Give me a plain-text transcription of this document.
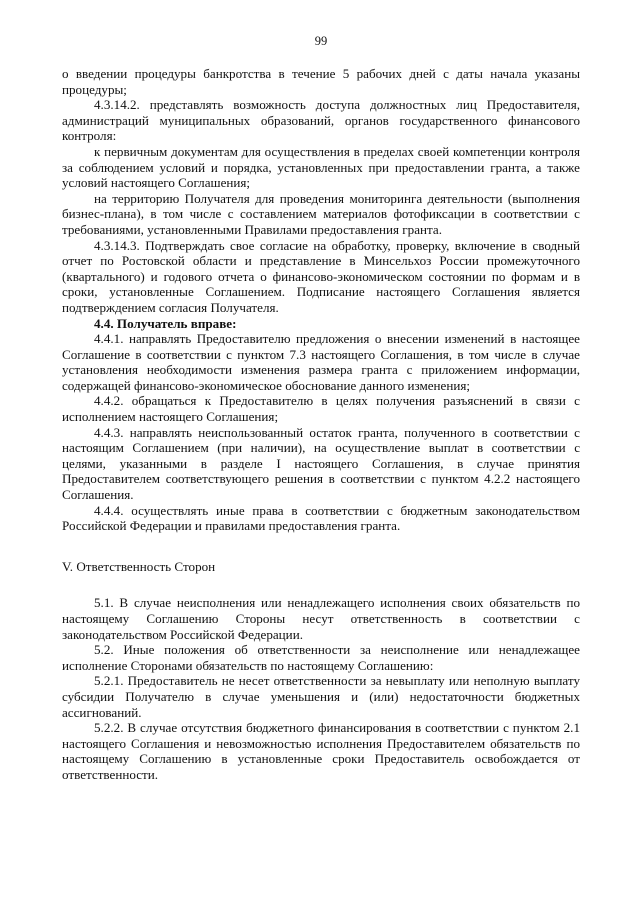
99

о введении процедуры банкротства в течение 5 рабочих дней с даты начала указаны процедуры;

4.3.14.2. представлять возможность доступа должностных лиц Предоставителя, администраций муниципальных образований, органов государственного финансового контроля:

к первичным документам для осуществления в пределах своей компетенции контроля за соблюдением условий и порядка, установленных при предоставлении гранта, а также условий настоящего Соглашения;

на территорию Получателя для проведения мониторинга деятельности (выполнения бизнес-плана), в том числе с составлением материалов фотофиксации в соответствии с требованиями, установленными Правилами предоставления гранта.

4.3.14.3. Подтверждать свое согласие на обработку, проверку, включение в сводный отчет по Ростовской области и представление в Минсельхоз России промежуточного (квартального) и годового отчета о финансово-экономическом состоянии по формам и в сроки, установленные Соглашением. Подписание настоящего Соглашения является подтверждением согласия Получателя.

4.4. Получатель вправе:

4.4.1. направлять Предоставителю предложения о внесении изменений в настоящее Соглашение в соответствии с пунктом 7.3 настоящего Соглашения, в том числе в случае установления необходимости изменения размера гранта с приложением информации, содержащей финансово-экономическое обоснование данного изменения;

4.4.2. обращаться к Предоставителю в целях получения разъяснений в связи с исполнением настоящего Соглашения;

4.4.3. направлять неиспользованный остаток гранта, полученного в соответствии с настоящим Соглашением (при наличии), на осуществление выплат в соответствии с целями, указанными в разделе I настоящего Соглашения, в случае принятия Предоставителем соответствующего решения в соответствии с пунктом 4.2.2 настоящего Соглашения.

4.4.4. осуществлять иные права в соответствии с бюджетным законодательством Российской Федерации и правилами предоставления гранта.

V. Ответственность Сторон

5.1. В случае неисполнения или ненадлежащего исполнения своих обязательств по настоящему Соглашению Стороны несут ответственность в соответствии с законодательством Российской Федерации.

5.2. Иные положения об ответственности за неисполнение или ненадлежащее исполнение Сторонами обязательств по настоящему Соглашению:

5.2.1. Предоставитель не несет ответственности за невыплату или неполную выплату субсидии Получателю в случае уменьшения и (или) недостаточности бюджетных ассигнований.

5.2.2. В случае отсутствия бюджетного финансирования в соответствии с пунктом 2.1 настоящего Соглашения и невозможностью исполнения Предоставителем обязательств по настоящему Соглашению в установленные сроки Предоставитель освобождается от ответственности.
